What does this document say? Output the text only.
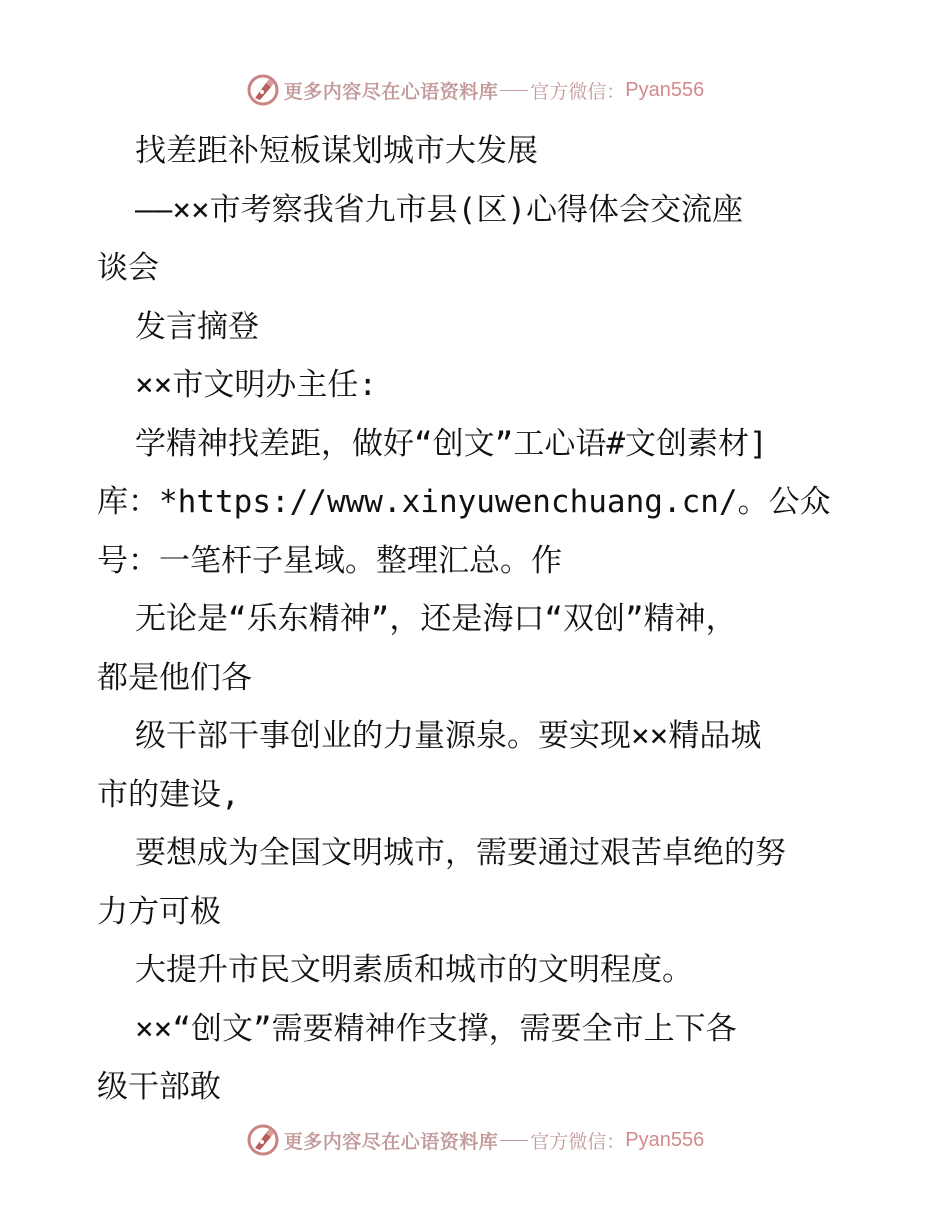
更多内容尽在心语资料库 官方微信： Pyan556
找差距补短板谋划城市大发展
——××市考察我省九市县(区)心得体会交流座
谈会
发言摘登
××市文明办主任:
学精神找差距，做好“创文”工心语#文创素材]
库：*https://www.xinyuwenchuang.cn/。公众
号：一笔杆子星域。整理汇总。作
无论是“乐东精神”，还是海口“双创”精神，
都是他们各
级干部干事创业的力量源泉。要实现××精品城
市的建设,
要想成为全国文明城市，需要通过艰苦卓绝的努
力方可极
大提升市民文明素质和城市的文明程度。
××“创文”需要精神作支撑，需要全市上下各
级干部敢
更多内容尽在心语资料库 官方微信： Pyan556
